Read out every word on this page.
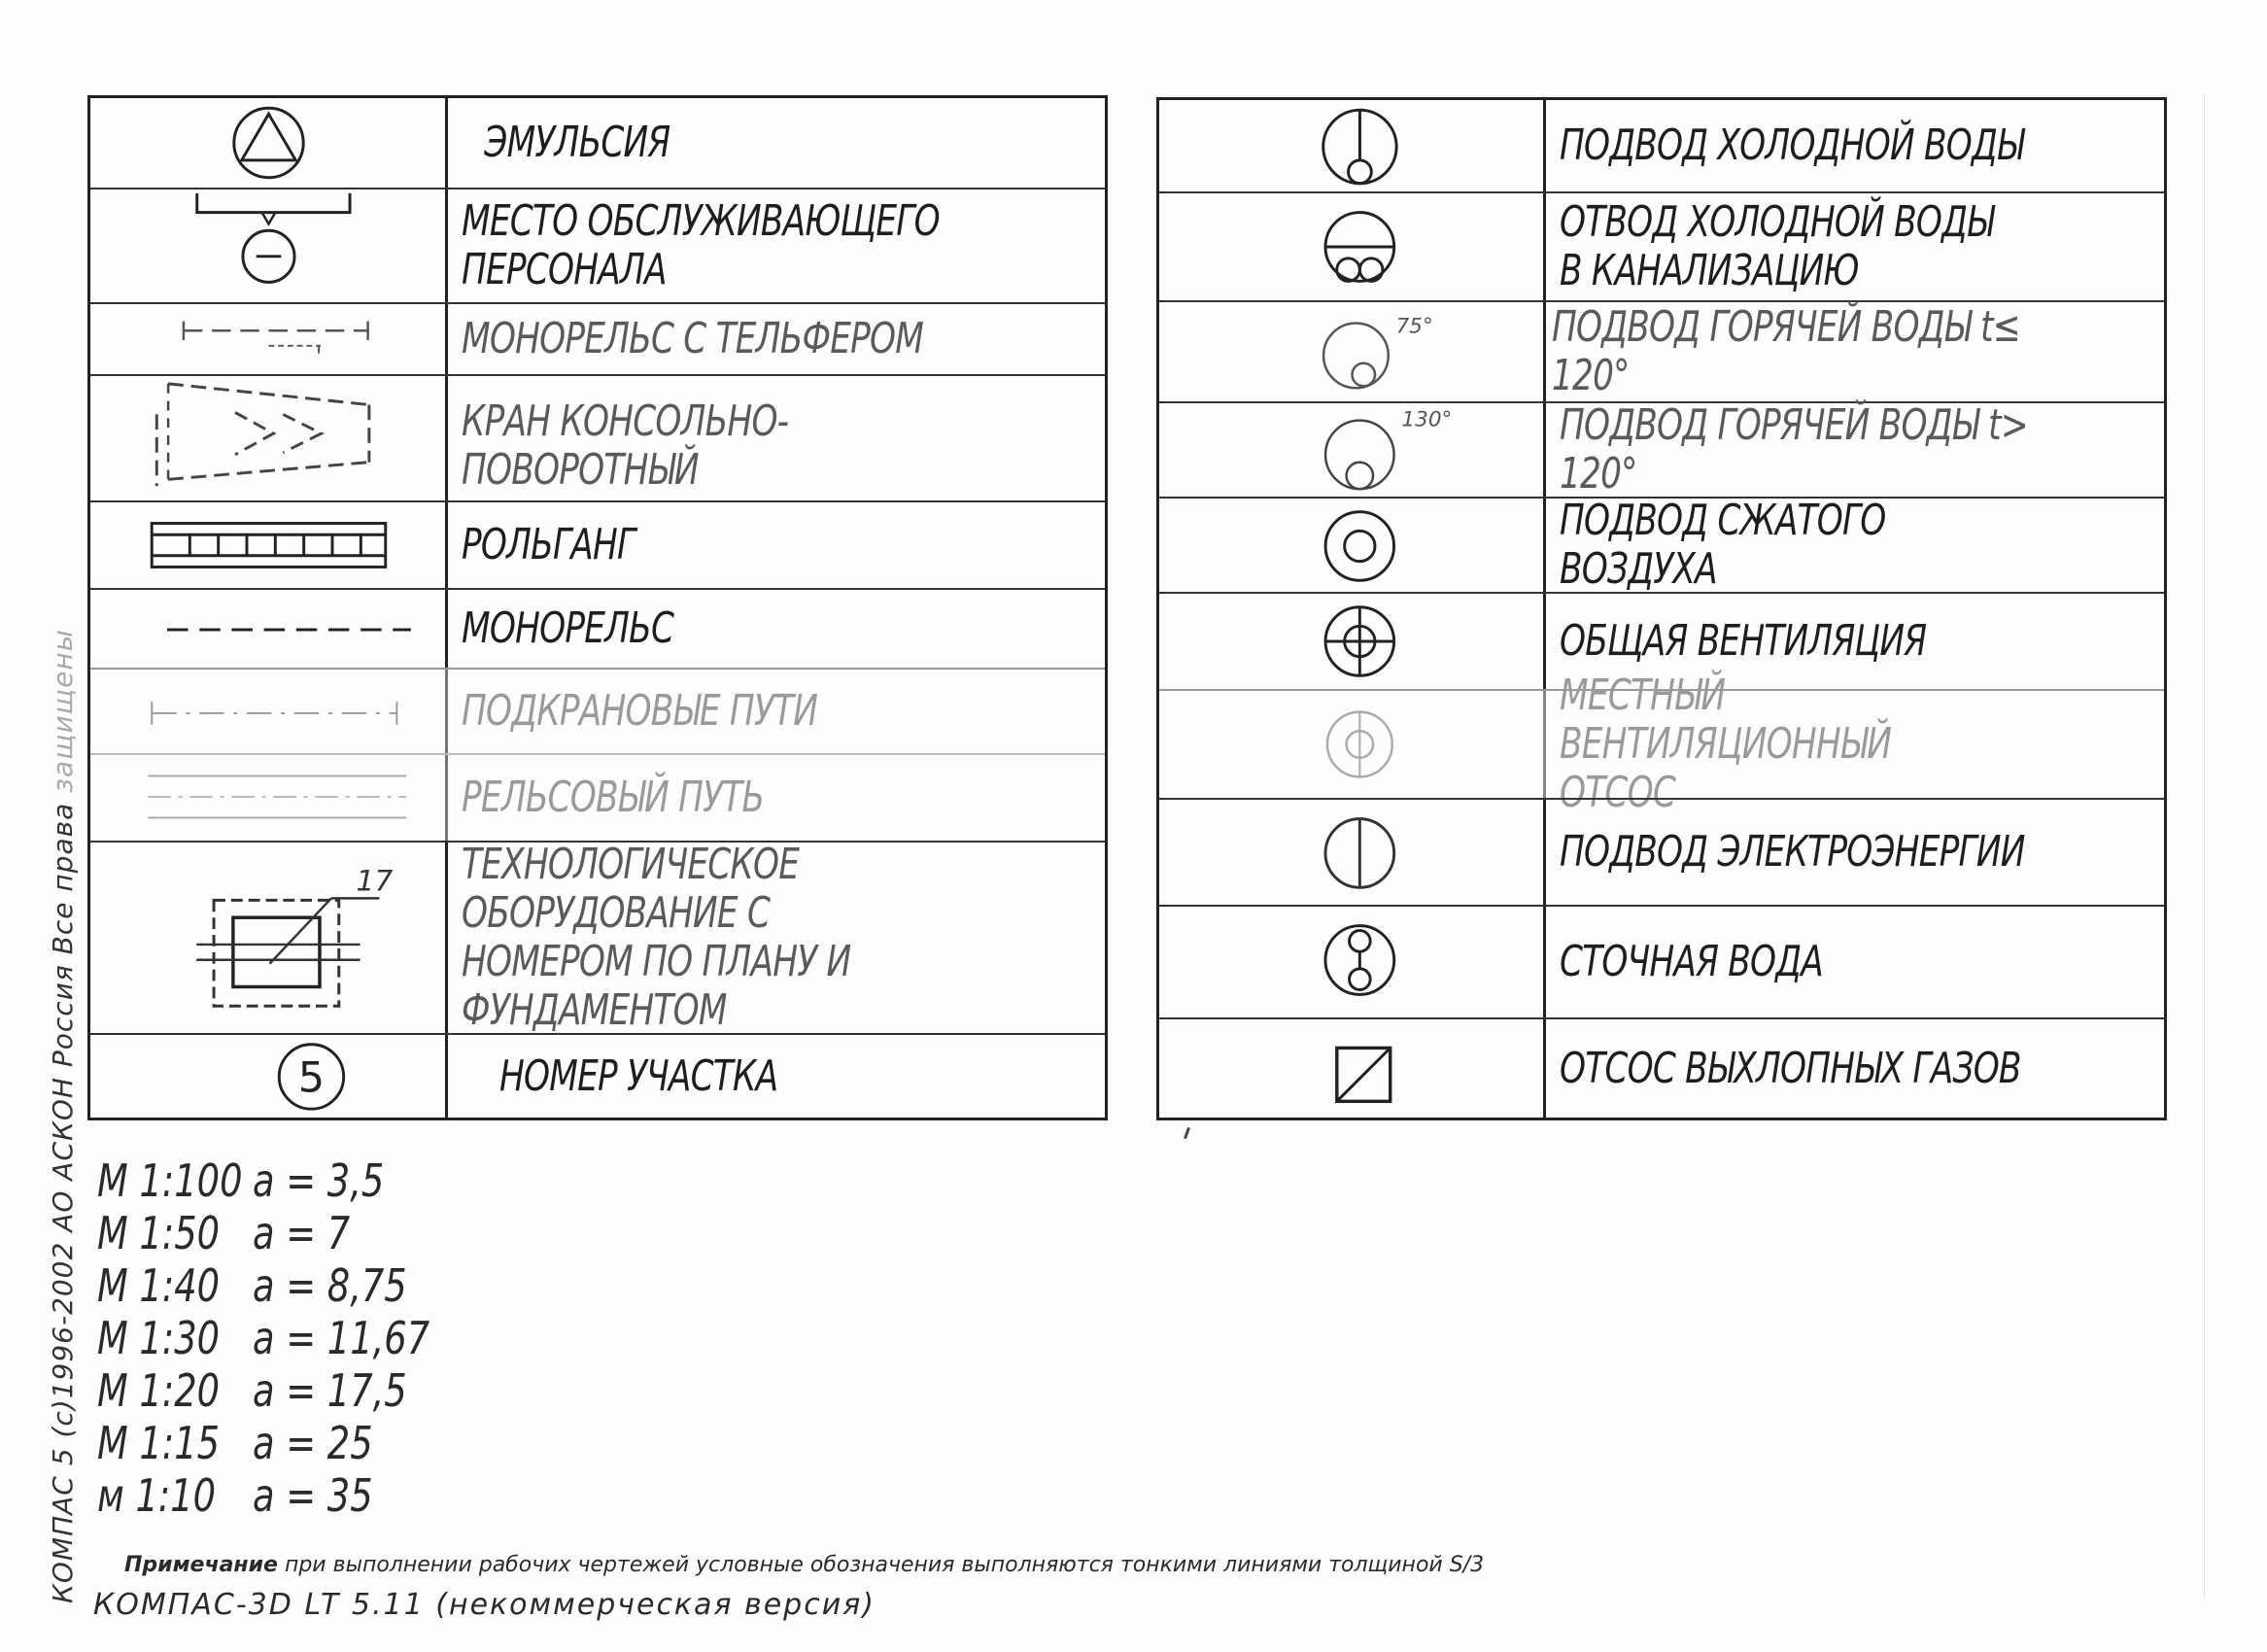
ЭМУЛЬСИЯ
МЕСТО ОБСЛУЖИВАЮЩЕГО
ПЕРСОНАЛА
МОНОРЕЛЬС С ТЕЛЬФЕРОМ
КРАН КОНСОЛЬНО- ПОВОРОТНЫЙ
РОЛЬГАНГ
МОНОРЕЛЬС
ПОДКРАНОВЫЕ ПУТИ
РЕЛЬСОВЫЙ ПУТЬ
17 ТЕХНОЛОГИЧЕСКОЕ ОБОРУДОВАНИЕ С
НОМЕРОМ ПО ПЛАНУ И ФУНДАМЕНТОМ
5	НОМЕР УЧАСТКА
ПОДВОД ХОЛОДНОЙ ВОДЫ
ОТВОД ХОЛОДНОЙ ВОДЫ
В КАНАЛИЗАЦИЮ
75°	ПОДВОД ГОРЯЧЕЙ ВОДЫ t≤ 120°
130°	ПОДВОД ГОРЯЧЕЙ ВОДЫ t> 120°
ПОДВОД СЖАТОГО ВОЗДУХА
ОБЩАЯ ВЕНТИЛЯЦИЯ
МЕСТНЫЙ ВЕНТИЛЯЦИОННЫЙ
ОТСОС
ПОДВОД ЭЛЕКТРОЭНЕРГИИ
СТОЧНАЯ ВОДА
ОТСОС ВЫХЛОПНЫХ ГАЗОВ
М 1:100 a = 3,5
М 1:50 a = 7
М 1:40 a = 8,75
М 1:30 a = 11,67
М 1:20 a = 17,5
М 1:15 a = 25
м 1:10 a = 35
Примечание при выполнении рабочих чертежей условные обозначения выполняются тонкими линиями толщиной S/3
КОМПАС-3D LT 5.11 (некоммерческая версия)
КОМПАС 5 (c)1996-2002 АО АСКОН Россия Все права защищены
